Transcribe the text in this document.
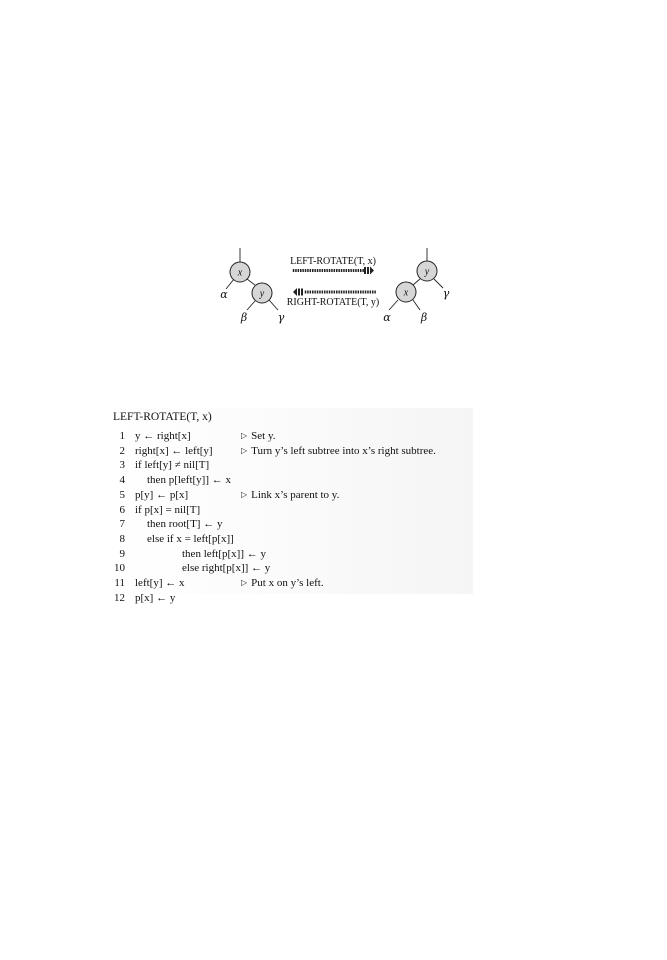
x
y
α
β	γ
LEFT-ROTATE(T, x)
RIGHT-ROTATE(T, y)
y
x	γ
α	β
LEFT-ROTATE(T, x)
1 y ← right[x]	▷ Set y.
2 right[x] ← left[y]	▷ Turn y’s left subtree into x’s right subtree.
3 if left[y] ≠ nil[T]
4 then p[left[y]] ← x
5 p[y] ← p[x]	▷ Link x’s parent to y.
6 if p[x] = nil[T]
7 then root[T] ← y
8 else if x = left[p[x]]
9	then left[p[x]] ← y
10	else right[p[x]] ← y
11 left[y] ← x	▷ Put x on y’s left.
12 p[x] ← y
